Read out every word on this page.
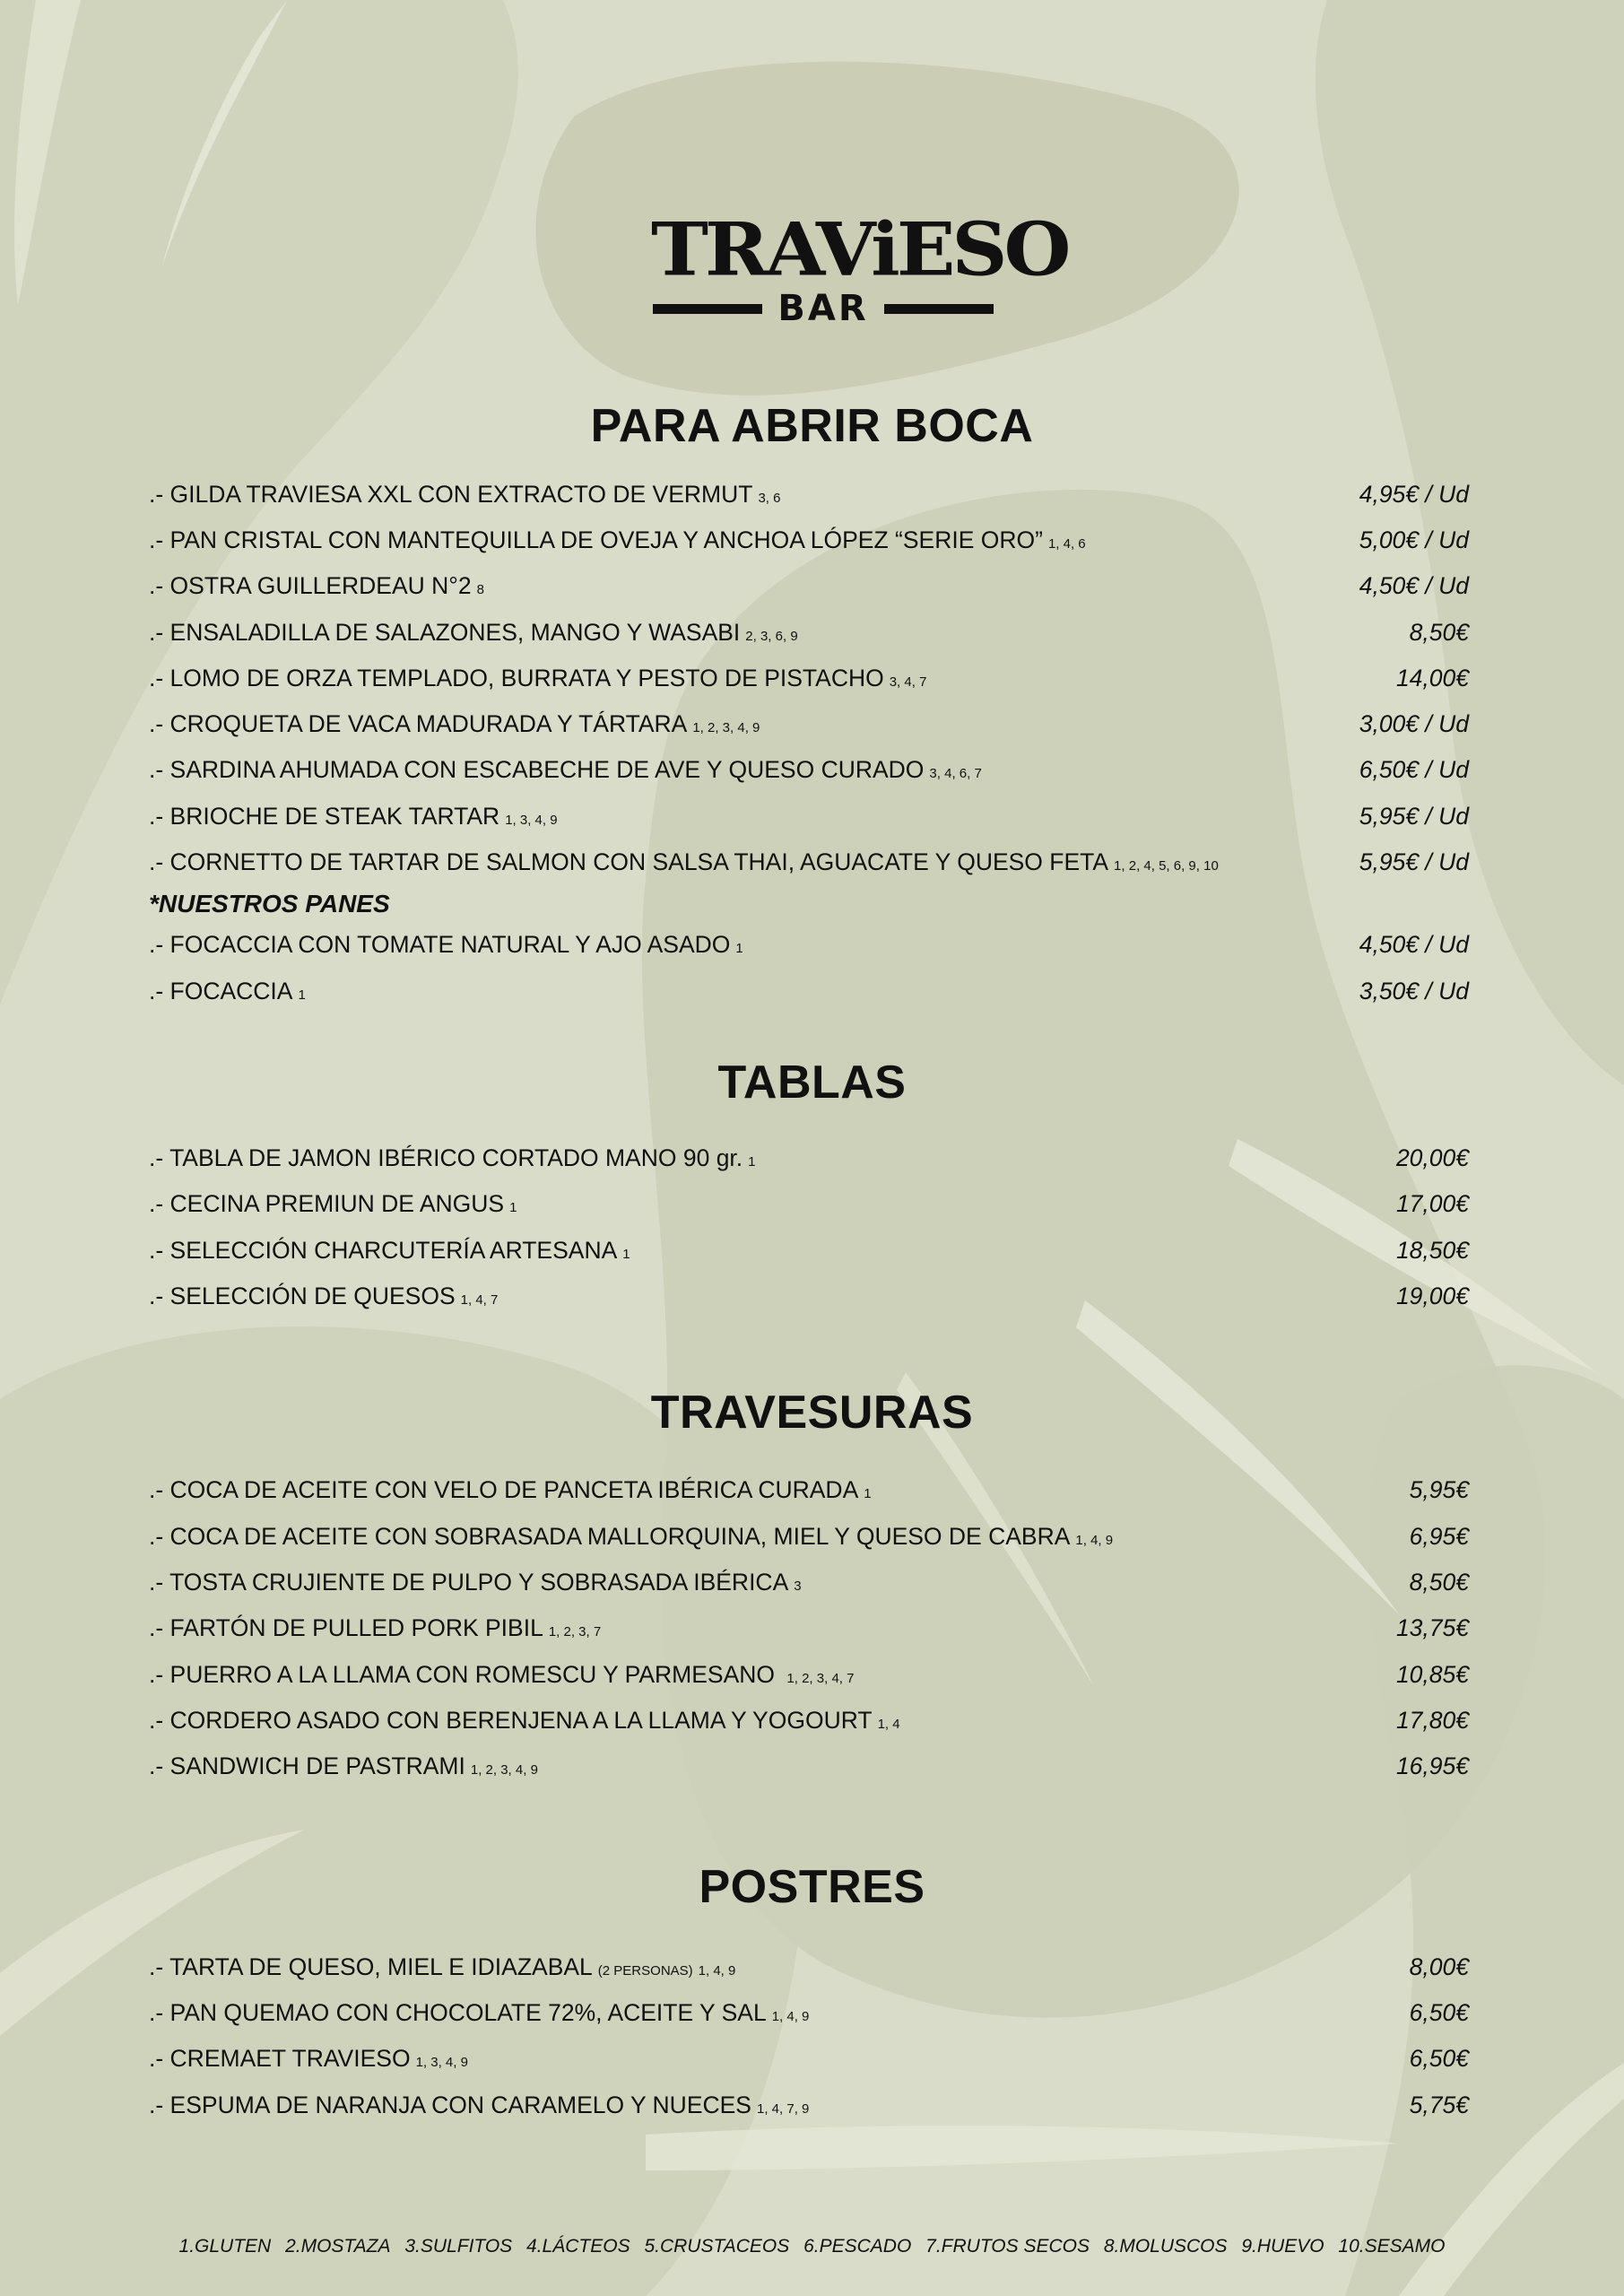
TRAViESO
BAR
PARA ABRIR BOCA
.- GILDA TRAVIESA XXL CON EXTRACTO DE VERMUT 3, 6	4,95€ / Ud
.- PAN CRISTAL CON MANTEQUILLA DE OVEJA Y ANCHOA LÓPEZ “SERIE ORO” 1, 4, 6	5,00€ / Ud
.- OSTRA GUILLERDEAU N°2 8	4,50€ / Ud
.- ENSALADILLA DE SALAZONES, MANGO Y WASABI 2, 3, 6, 9	8,50€
.- LOMO DE ORZA TEMPLADO, BURRATA Y PESTO DE PISTACHO 3, 4, 7	14,00€
.- CROQUETA DE VACA MADURADA Y TÁRTARA 1, 2, 3, 4, 9	3,00€ / Ud
.- SARDINA AHUMADA CON ESCABECHE DE AVE Y QUESO CURADO 3, 4, 6, 7	6,50€ / Ud
.- BRIOCHE DE STEAK TARTAR 1, 3, 4, 9	5,95€ / Ud
.- CORNETTO DE TARTAR DE SALMON CON SALSA THAI, AGUACATE Y QUESO FETA 1, 2, 4, 5, 6, 9, 10	5,95€ / Ud
*NUESTROS PANES
.- FOCACCIA CON TOMATE NATURAL Y AJO ASADO 1	4,50€ / Ud
.- FOCACCIA 1	3,50€ / Ud
TABLAS
.- TABLA DE JAMON IBÉRICO CORTADO MANO 90 gr. 1	20,00€
.- CECINA PREMIUN DE ANGUS 1	17,00€
.- SELECCIÓN CHARCUTERÍA ARTESANA 1	18,50€
.- SELECCIÓN DE QUESOS 1, 4, 7	19,00€
TRAVESURAS
.- COCA DE ACEITE CON VELO DE PANCETA IBÉRICA CURADA 1	5,95€
.- COCA DE ACEITE CON SOBRASADA MALLORQUINA, MIEL Y QUESO DE CABRA 1, 4, 9	6,95€
.- TOSTA CRUJIENTE DE PULPO Y SOBRASADA IBÉRICA 3	8,50€
.- FARTÓN DE PULLED PORK PIBIL 1, 2, 3, 7	13,75€
.- PUERRO A LA LLAMA CON ROMESCU Y PARMESANO 1, 2, 3, 4, 7	10,85€
.- CORDERO ASADO CON BERENJENA A LA LLAMA Y YOGOURT 1, 4	17,80€
.- SANDWICH DE PASTRAMI 1, 2, 3, 4, 9	16,95€
POSTRES
.- TARTA DE QUESO, MIEL E IDIAZABAL (2 PERSONAS) 1, 4, 9	8,00€
.- PAN QUEMAO CON CHOCOLATE 72%, ACEITE Y SAL 1, 4, 9	6,50€
.- CREMAET TRAVIESO 1, 3, 4, 9	6,50€
.- ESPUMA DE NARANJA CON CARAMELO Y NUECES 1, 4, 7, 9	5,75€
1.GLUTEN 2.MOSTAZA 3.SULFITOS 4.LÁCTEOS 5.CRUSTACEOS 6.PESCADO 7.FRUTOS SECOS 8.MOLUSCOS 9.HUEVO 10.SESAMO
